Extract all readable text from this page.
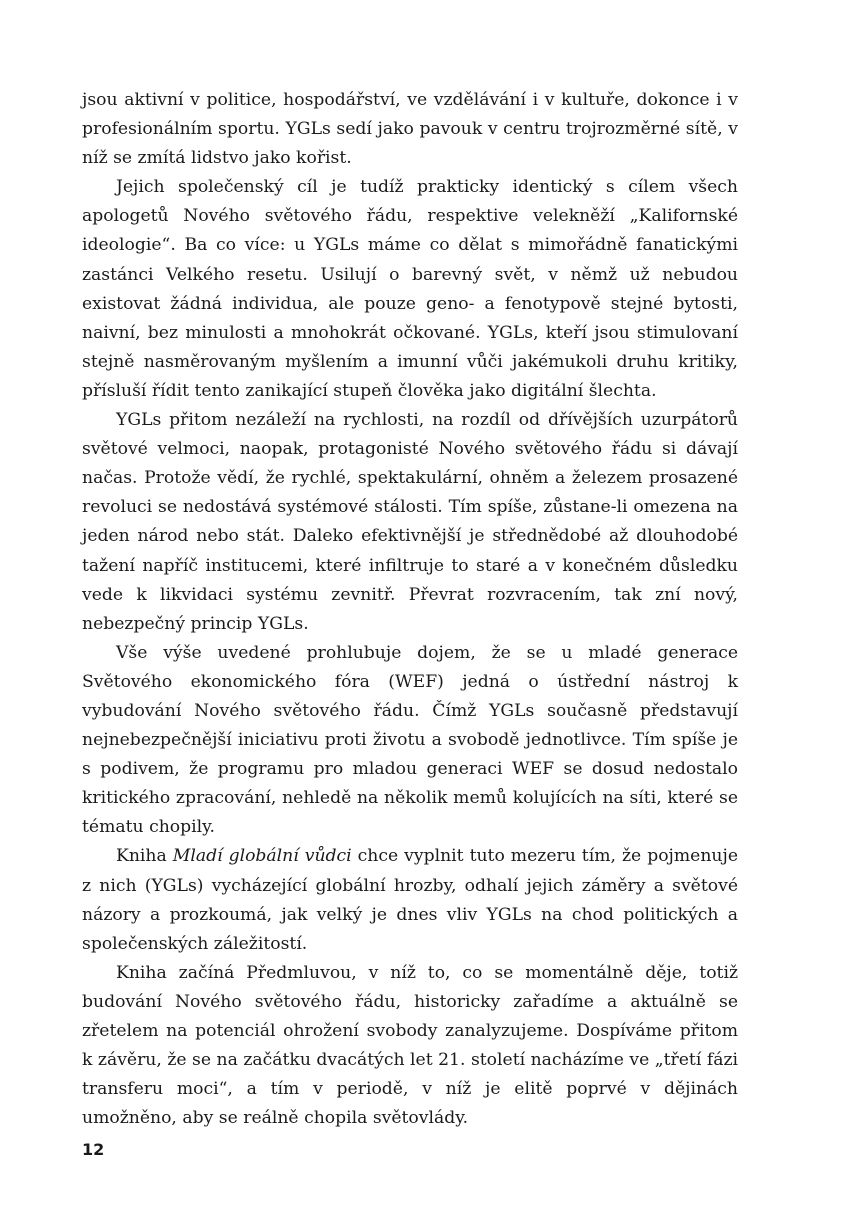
jsou aktivní v politice, hospodářství, ve vzdělávání i v kultuře, dokonce i v profesionálním sportu. YGLs sedí jako pavouk v centru trojrozměrné sítě, v níž se zmítá lidstvo jako kořist.

Jejich společenský cíl je tudíž prakticky identický s cílem všech apologetů Nového světového řádu, respektive velekněží „Kalifornské ideologie“. Ba co více: u YGLs máme co dělat s mimořádně fanatickými zastánci Velkého resetu. Usilují o barevný svět, v němž už nebudou existovat žádná individua, ale pouze geno- a fenotypově stejné bytosti, naivní, bez minulosti a mnohokrát očkované. YGLs, kteří jsou stimulovaní stejně nasměrovaným myšlením a imunní vůči jakémukoli druhu kritiky, přísluší řídit tento zanikající stupeň člověka jako digitální šlechta.

YGLs přitom nezáleží na rychlosti, na rozdíl od dřívějších uzurpátorů světové velmoci, naopak, protagonisté Nového světového řádu si dávají načas. Protože vědí, že rychlé, spektakulární, ohněm a železem prosazené revoluci se nedostává systémové stálosti. Tím spíše, zůstane-li omezena na jeden národ nebo stát. Daleko efektivnější je střednědobé až dlouhodobé tažení napříč institucemi, které infiltruje to staré a v konečném důsledku vede k likvidaci systému zevnitř. Převrat rozvracením, tak zní nový, nebezpečný princip YGLs.

Vše výše uvedené prohlubuje dojem, že se u mladé generace Světového ekonomického fóra (WEF) jedná o ústřední nástroj k vybudování Nového světového řádu. Čímž YGLs současně představují nejnebezpečnější iniciativu proti životu a svobodě jednotlivce. Tím spíše je s podivem, že programu pro mladou generaci WEF se dosud nedostalo kritického zpracování, nehledě na několik memů kolujících na síti, které se tématu chopily.

Kniha Mladí globální vůdci chce vyplnit tuto mezeru tím, že pojmenuje z nich (YGLs) vycházející globální hrozby, odhalí jejich záměry a světové názory a prozkoumá, jak velký je dnes vliv YGLs na chod politických a společenských záležitostí.

Kniha začíná Předmluvou, v níž to, co se momentálně děje, totiž budování Nového světového řádu, historicky zařadíme a aktuálně se zřetelem na potenciál ohrožení svobody zanalyzujeme. Dospíváme přitom k závěru, že se na začátku dvacátých let 21. století nacházíme ve „třetí fázi transferu moci“, a tím v periodě, v níž je elitě poprvé v dějinách umožněno, aby se reálně chopila světovlády.

12
